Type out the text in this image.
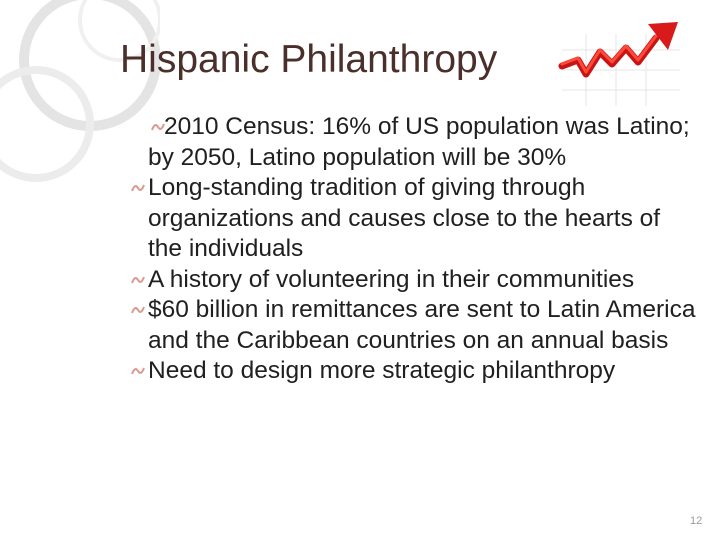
Hispanic Philanthropy
2010 Census: 16% of US population was Latino; by 2050, Latino population will be 30%
Long-standing tradition of giving through organizations and causes close to the hearts of the individuals
A history of volunteering in their communities
$60 billion in remittances are sent to Latin America and the Caribbean countries on an annual basis
Need to design more strategic philanthropy
12
